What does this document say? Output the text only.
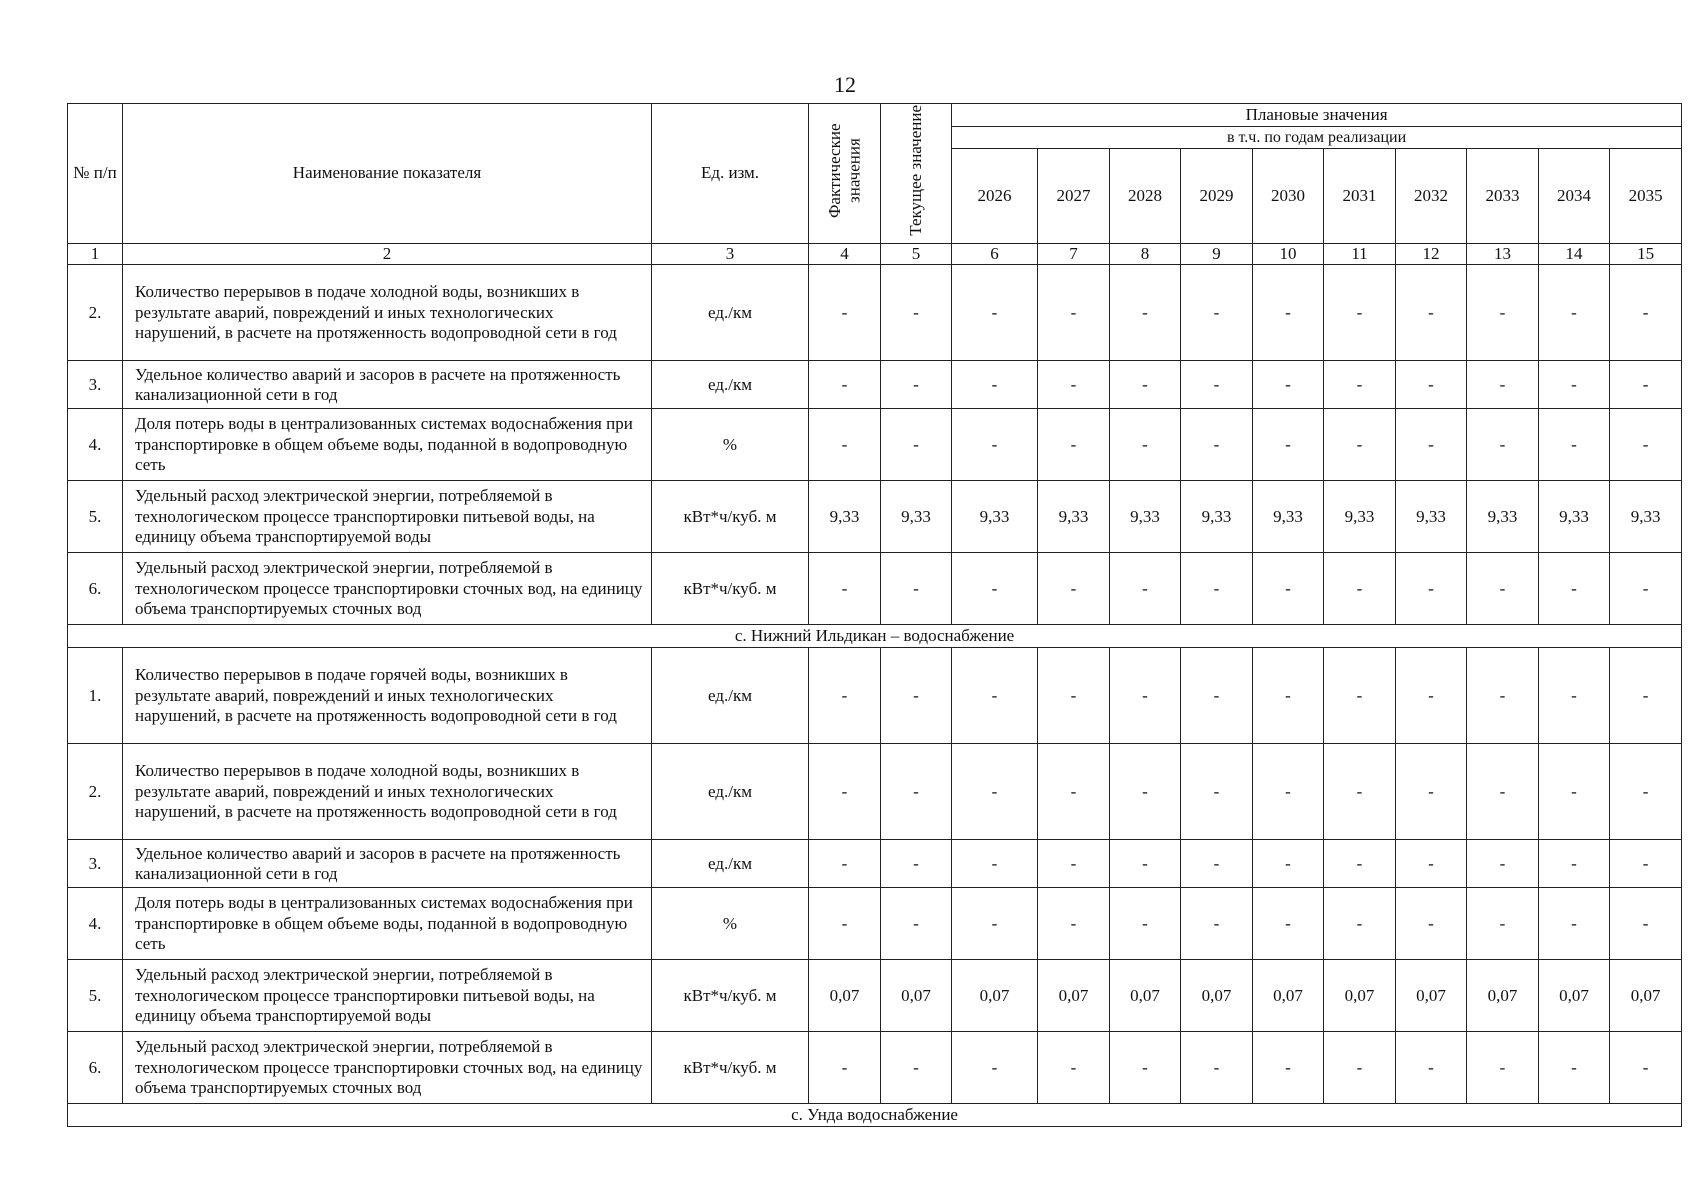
12
№ п/п	Наименование показателя	Ед. изм.	Фактические значения	Текущее значение	Плановые значения									
					в т.ч. по годам реализации									
					2026	2027	2028	2029	2030	2031	2032	2033	2034	2035
1	2	3	4	5	6	7	8	9	10	11	12	13	14	15
2.	Количество перерывов в подаче холодной воды, возникших в результате аварий, повреждений и иных технологических нарушений, в расчете на протяженность водопроводной сети в год	ед./км	-	-	-	-	-	-	-	-	-	-	-	-
3.	Удельное количество аварий и засоров в расчете на протяженность канализационной сети в год	ед./км	-	-	-	-	-	-	-	-	-	-	-	-
4.	Доля потерь воды в централизованных системах водоснабжения при транспортировке в общем объеме воды, поданной в водопроводную сеть	%	-	-	-	-	-	-	-	-	-	-	-	-
5.	Удельный расход электрической энергии, потребляемой в технологическом процессе транспортировки питьевой воды, на единицу объема транспортируемой воды	кВт*ч/куб. м	9,33	9,33	9,33	9,33	9,33	9,33	9,33	9,33	9,33	9,33	9,33	9,33
6.	Удельный расход электрической энергии, потребляемой в технологическом процессе транспортировки сточных вод, на единицу объема транспортируемых сточных вод	кВт*ч/куб. м	-	-	-	-	-	-	-	-	-	-	-	-
с. Нижний Ильдикан – водоснабжение														
1.	Количество перерывов в подаче горячей воды, возникших в результате аварий, повреждений и иных технологических нарушений, в расчете на протяженность водопроводной сети в год	ед./км	-	-	-	-	-	-	-	-	-	-	-	-
2.	Количество перерывов в подаче холодной воды, возникших в результате аварий, повреждений и иных технологических нарушений, в расчете на протяженность водопроводной сети в год	ед./км	-	-	-	-	-	-	-	-	-	-	-	-
3.	Удельное количество аварий и засоров в расчете на протяженность канализационной сети в год	ед./км	-	-	-	-	-	-	-	-	-	-	-	-
4.	Доля потерь воды в централизованных системах водоснабжения при транспортировке в общем объеме воды, поданной в водопроводную сеть	%	-	-	-	-	-	-	-	-	-	-	-	-
5.	Удельный расход электрической энергии, потребляемой в технологическом процессе транспортировки питьевой воды, на единицу объема транспортируемой воды	кВт*ч/куб. м	0,07	0,07	0,07	0,07	0,07	0,07	0,07	0,07	0,07	0,07	0,07	0,07
6.	Удельный расход электрической энергии, потребляемой в технологическом процессе транспортировки сточных вод, на единицу объема транспортируемых сточных вод	кВт*ч/куб. м	-	-	-	-	-	-	-	-	-	-	-	-
с. Унда водоснабжение														
